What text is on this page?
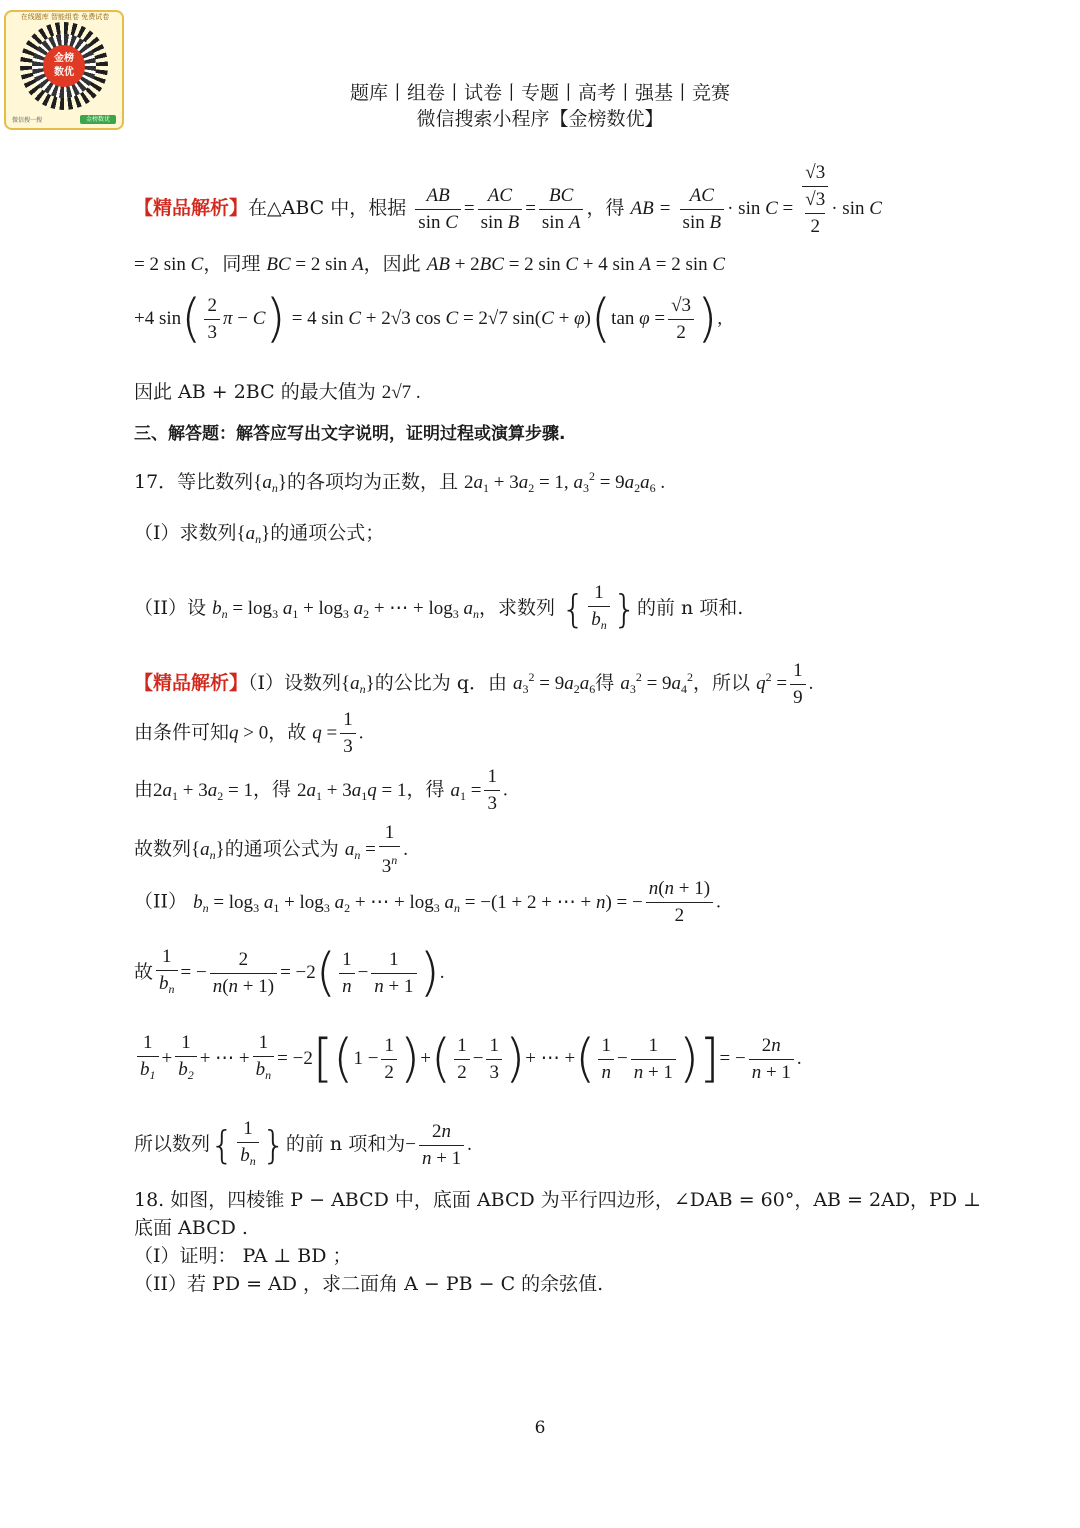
在线题库 智能组卷 免费试卷
金榜
数优
微信搜一搜	金榜数优
题库丨组卷丨试卷丨专题丨高考丨强基丨竞赛
微信搜索小程序【金榜数优】
【精品解析】在△ABC 中，根据 $\frac{AB}{\text{sin C}} = \frac{AC}{\text{sin B}} = \frac{BC}{\text{sin A}}$ ，得 AB = $\frac{AC}{\text{sin B}} \cdot \sin C$ =
√3
√3
2
· sin C
= 2 sin C，同理 BC = 2 sin A，因此 AB + 2BC = 2 sin C + 4 sin A = 2 sin C
+4 $\sin( \frac{2}{3}$ π − C) = 4 sin C + 2√3 cos C = 2√7 sin(C + φ)(tan $\varphi = \frac{√3}{2}$ ),
因此 AB + 2BC 的最大值为 2√7 .
三、解答题：解答应写出文字说明，证明过程或演算步骤.
17．等比数列$\{a_n\}$的各项均为正数，且 $2a_1 + 3a_2 = 1$, $a_3^2 = 9a_2a_6$ .
（I）求数列$\{a_n\}$的通项公式；
（II）设 $b_n = \log_3 a_1 + \log_3 a_2$ + ⋯ + $\log_3 a_n$，求数列 { $\frac{1}{b_n}$ }的前 n 项和.
【精品解析】（I）设数列$\{a_n\}$的公比为 q．由 $a_3^2 = 9a_2a_6$得 $a_3^2 = 9a_4^2$，所以 $q^2 = \frac{1}{9}$ .
由条件可知q > 0，故 $q = \frac{1}{3}$ .
由$2a_1 + 3a_2 = 1$，得 $2a_1 + 3a_1q = 1$，得 $a_1 = \frac{1}{3}$ .
故数列$\{a_n\}$的通项公式为 $a_n = \frac{1}{3^n}$ .
（II） $b_n = \log_3 a_1 + \log_3 a_2$ + ⋯ + $\log_3 a_n = -(1 + 2$ + ⋯ + n) = − $\frac{n(n + 1)}{2}$ .
故 $\frac{1}{b_n}$ = − $\frac{2}{n(n + 1)} = -2( \frac{1}{n} - \frac{1}{n + 1}$ ).
$\frac{1}{b_1} + \frac{1}{b_2}$ + ⋯ + $\frac{1}{b_n} = -2[(1 - \frac{1}{2}$ )+( $\frac{1}{2} - \frac{1}{3}$ )+ ⋯ +( $\frac{1}{n} - \frac{1}{n + 1}$ )]= − $\frac{2n}{n + 1}$ .
所以数列{ $\frac{1}{b_n}$ }的前 n 项和为− $\frac{2n}{n + 1}$ .
18. 如图，四棱锥 P − ABCD 中，底面 ABCD 为平行四边形，∠DAB = 60°，AB = 2AD，PD ⊥
底面 ABCD .
（I）证明： PA ⊥ BD ；
（II）若 PD = AD ，求二面角 A − PB − C 的余弦值.
6
